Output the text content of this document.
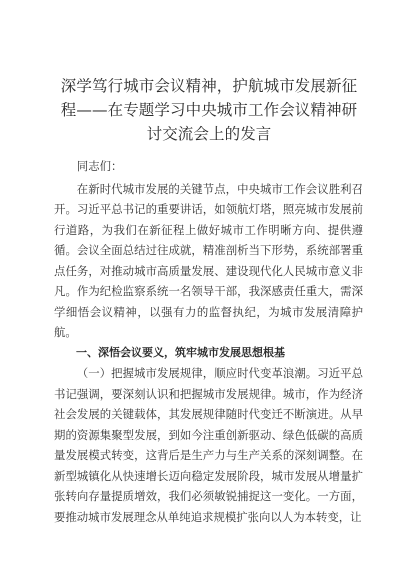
深学笃行城市会议精神，护航城市发展新征程——在专题学习中央城市工作会议精神研讨交流会上的发言

同志们：

在新时代城市发展的关键节点，中央城市工作会议胜利召开。习近平总书记的重要讲话，如领航灯塔，照亮城市发展前行道路，为我们在新征程上做好城市工作明晰方向、提供遵循。会议全面总结过往成就，精准剖析当下形势，系统部署重点任务，对推动城市高质量发展、建设现代化人民城市意义非凡。作为纪检监察系统一名领导干部，我深感责任重大，需深学细悟会议精神，以强有力的监督执纪，为城市发展清障护航。

一、深悟会议要义，筑牢城市发展思想根基

（一）把握城市发展规律，顺应时代变革浪潮。习近平总书记强调，要深刻认识和把握城市发展规律。城市，作为经济社会发展的关键载体，其发展规律随时代变迁不断演进。从早期的资源集聚型发展，到如今注重创新驱动、绿色低碳的高质量发展模式转变，这背后是生产力与生产关系的深刻调整。在新型城镇化从快速增长迈向稳定发展阶段，城市发展从增量扩张转向存量提质增效，我们必须敏锐捕捉这一变化。一方面，要推动城市发展理念从单纯追求规模扩张向以人为本转变，让
